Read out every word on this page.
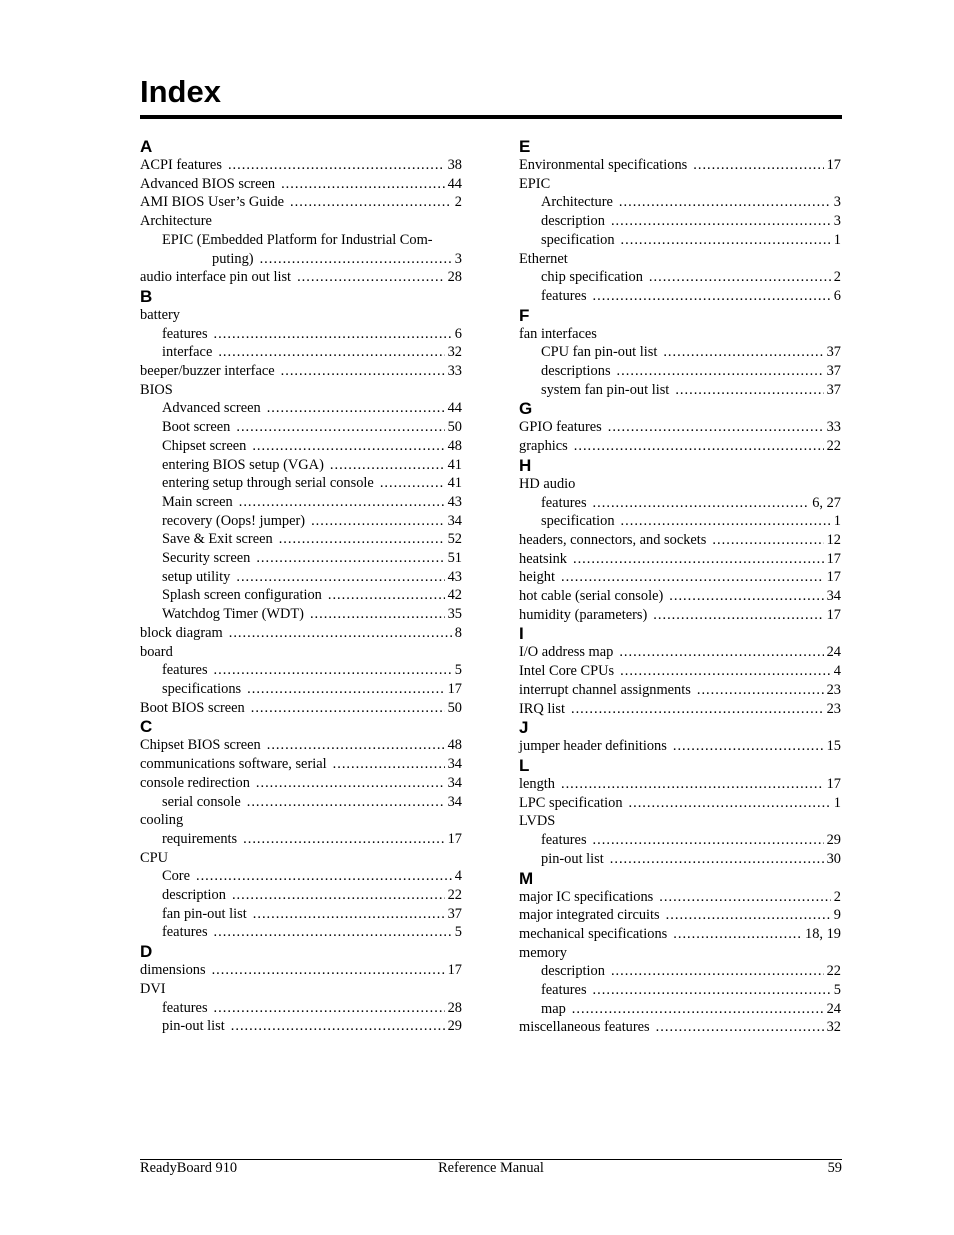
Index
A
ACPI features .....	38
Advanced BIOS screen .....	44
AMI BIOS User’s Guide .....	2
Architecture
EPIC (Embedded Platform for Industrial Com-
puting) .....	3
audio interface pin out list .....	28
B
battery
features .....	6
interface .....	32
beeper/buzzer interface .....	33
BIOS
Advanced screen .....	44
Boot screen .....	50
Chipset screen .....	48
entering BIOS setup (VGA) .....	41
entering setup through serial console .....	41
Main screen .....	43
recovery (Oops! jumper) .....	34
Save & Exit screen .....	52
Security screen .....	51
setup utility .....	43
Splash screen configuration .....	42
Watchdog Timer (WDT) .....	35
block diagram .....	8
board
features .....	5
specifications .....	17
Boot BIOS screen .....	50
C
Chipset BIOS screen .....	48
communications software, serial .....	34
console redirection .....	34
serial console .....	34
cooling
requirements .....	17
CPU
Core .....	4
description .....	22
fan pin-out list .....	37
features .....	5
D
dimensions .....	17
DVI
features .....	28
pin-out list .....	29
E
Environmental specifications .....	17
EPIC
Architecture .....	3
description .....	3
specification .....	1
Ethernet
chip specification .....	2
features .....	6
F
fan interfaces
CPU fan pin-out list .....	37
descriptions .....	37
system fan pin-out list .....	37
G
GPIO features .....	33
graphics .....	22
H
HD audio
features .....	6, 27
specification .....	1
headers, connectors, and sockets .....	12
heatsink .....	17
height .....	17
hot cable (serial console) .....	34
humidity (parameters) .....	17
I
I/O address map .....	24
Intel Core CPUs .....	4
interrupt channel assignments .....	23
IRQ list .....	23
J
jumper header definitions .....	15
L
length .....	17
LPC specification .....	1
LVDS
features .....	29
pin-out list .....	30
M
major IC specifications .....	2
major integrated circuits .....	9
mechanical specifications .....	18, 19
memory
description .....	22
features .....	5
map .....	24
miscellaneous features .....	32
ReadyBoard 910	Reference Manual	59
